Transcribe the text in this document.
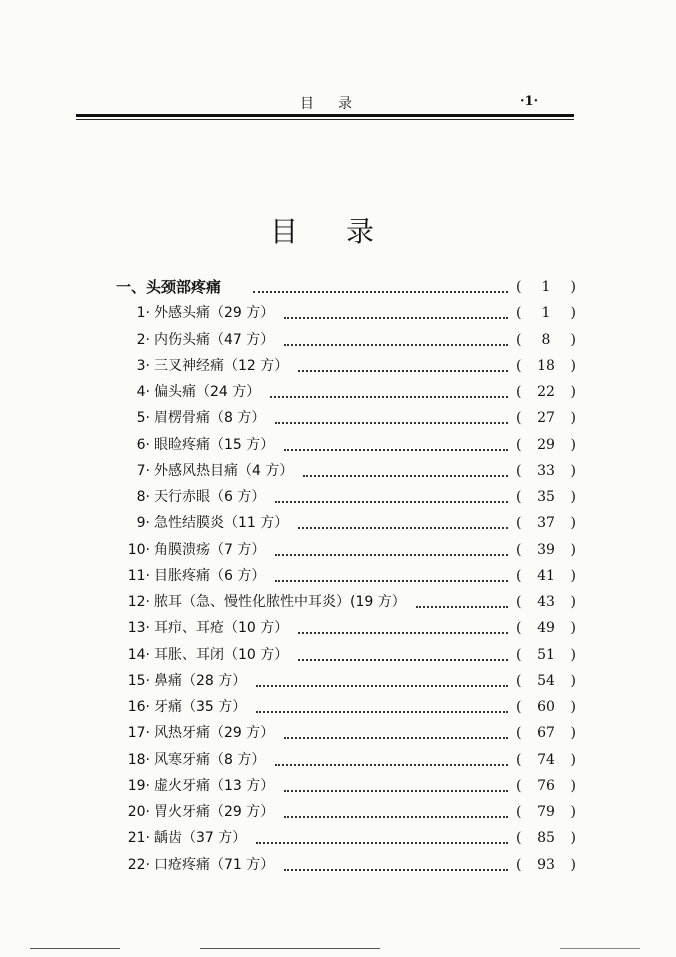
目 录	·1·
目 录
一、头颈部疼痛	(	1	)
1· 外感头痛（29 方）	(	1	)
2· 内伤头痛（47 方）	(	8	)
3· 三叉神经痛（12 方）	(	18	)
4· 偏头痛（24 方）	(	22	)
5· 眉楞骨痛（8 方）	(	27	)
6· 眼睑疼痛（15 方）	(	29	)
7· 外感风热目痛（4 方）	(	33	)
8· 天行赤眼（6 方）	(	35	)
9· 急性结膜炎（11 方）	(	37	)
10· 角膜溃疡（7 方）	(	39	)
11· 目胀疼痛（6 方）	(	41	)
12· 脓耳（急、慢性化脓性中耳炎）(19 方）	(	43	)
13· 耳疖、耳疮（10 方）	(	49	)
14· 耳胀、耳闭（10 方）	(	51	)
15· 鼻痛（28 方）	(	54	)
16· 牙痛（35 方）	(	60	)
17· 风热牙痛（29 方）	(	67	)
18· 风寒牙痛（8 方）	(	74	)
19· 虚火牙痛（13 方）	(	76	)
20· 胃火牙痛（29 方）	(	79	)
21· 龋齿（37 方）	(	85	)
22· 口疮疼痛（71 方）	(	93	)
